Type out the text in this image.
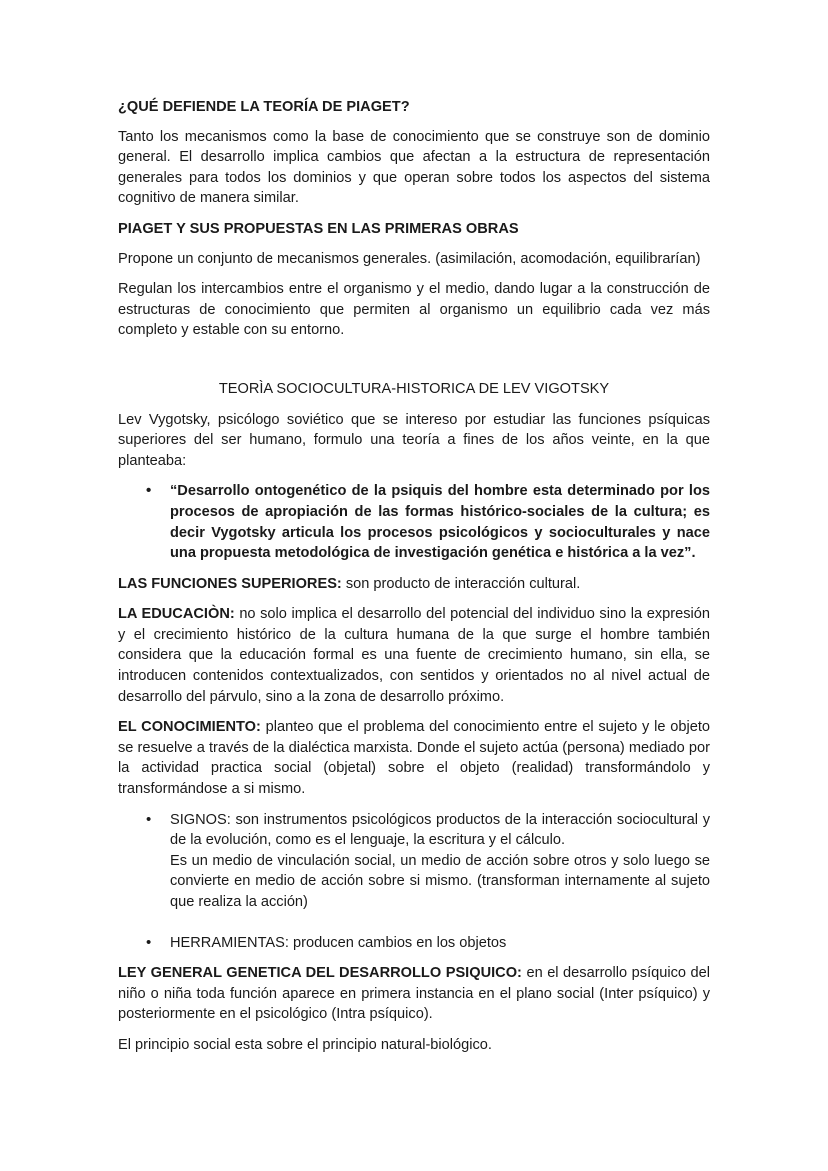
¿QUÉ DEFIENDE LA TEORÍA DE PIAGET?

Tanto los mecanismos como la base de conocimiento que se construye son de dominio general. El desarrollo implica cambios que afectan a la estructura de representación generales para todos los dominios y que operan sobre todos los aspectos del sistema cognitivo de manera similar.

PIAGET Y SUS PROPUESTAS EN LAS PRIMERAS OBRAS

Propone un conjunto de mecanismos generales. (asimilación, acomodación, equilibrarían)

Regulan los intercambios entre el organismo y el medio, dando lugar a la construcción de estructuras de conocimiento que permiten al organismo un equilibrio cada vez más completo y estable con su entorno.

TEORÌA SOCIOCULTURA-HISTORICA DE LEV VIGOTSKY

Lev Vygotsky, psicólogo soviético que se intereso por estudiar las funciones psíquicas superiores del ser humano, formulo una teoría a fines de los años veinte, en la que planteaba:

• “Desarrollo ontogenético de la psiquis del hombre esta determinado por los procesos de apropiación de las formas histórico-sociales de la cultura; es decir Vygotsky articula los procesos psicológicos y socioculturales y nace una propuesta metodológica de investigación genética e histórica a la vez”.

LAS FUNCIONES SUPERIORES: son producto de interacción cultural.

LA EDUCACIÒN: no solo implica el desarrollo del potencial del individuo sino la expresión y el crecimiento histórico de la cultura humana de la que surge el hombre también considera que la educación formal es una fuente de crecimiento humano, sin ella, se introducen contenidos contextualizados, con sentidos y orientados no al nivel actual de desarrollo del párvulo, sino a la zona de desarrollo próximo.

EL CONOCIMIENTO: planteo que el problema del conocimiento entre el sujeto y le objeto se resuelve a través de la dialéctica marxista. Donde el sujeto actúa (persona) mediado por la actividad practica social (objetal) sobre el objeto (realidad) transformándolo y transformándose a si mismo.

• SIGNOS: son instrumentos psicológicos productos de la interacción sociocultural y de la evolución, como es el lenguaje, la escritura y el cálculo.
Es un medio de vinculación social, un medio de acción sobre otros y solo luego se convierte en medio de acción sobre si mismo. (transforman internamente al sujeto que realiza la acción)
• HERRAMIENTAS: producen cambios en los objetos

LEY GENERAL GENETICA DEL DESARROLLO PSIQUICO: en el desarrollo psíquico del niño o niña toda función aparece en primera instancia en el plano social (Inter psíquico) y posteriormente en el psicológico (Intra psíquico).

El principio social esta sobre el principio natural-biológico.
